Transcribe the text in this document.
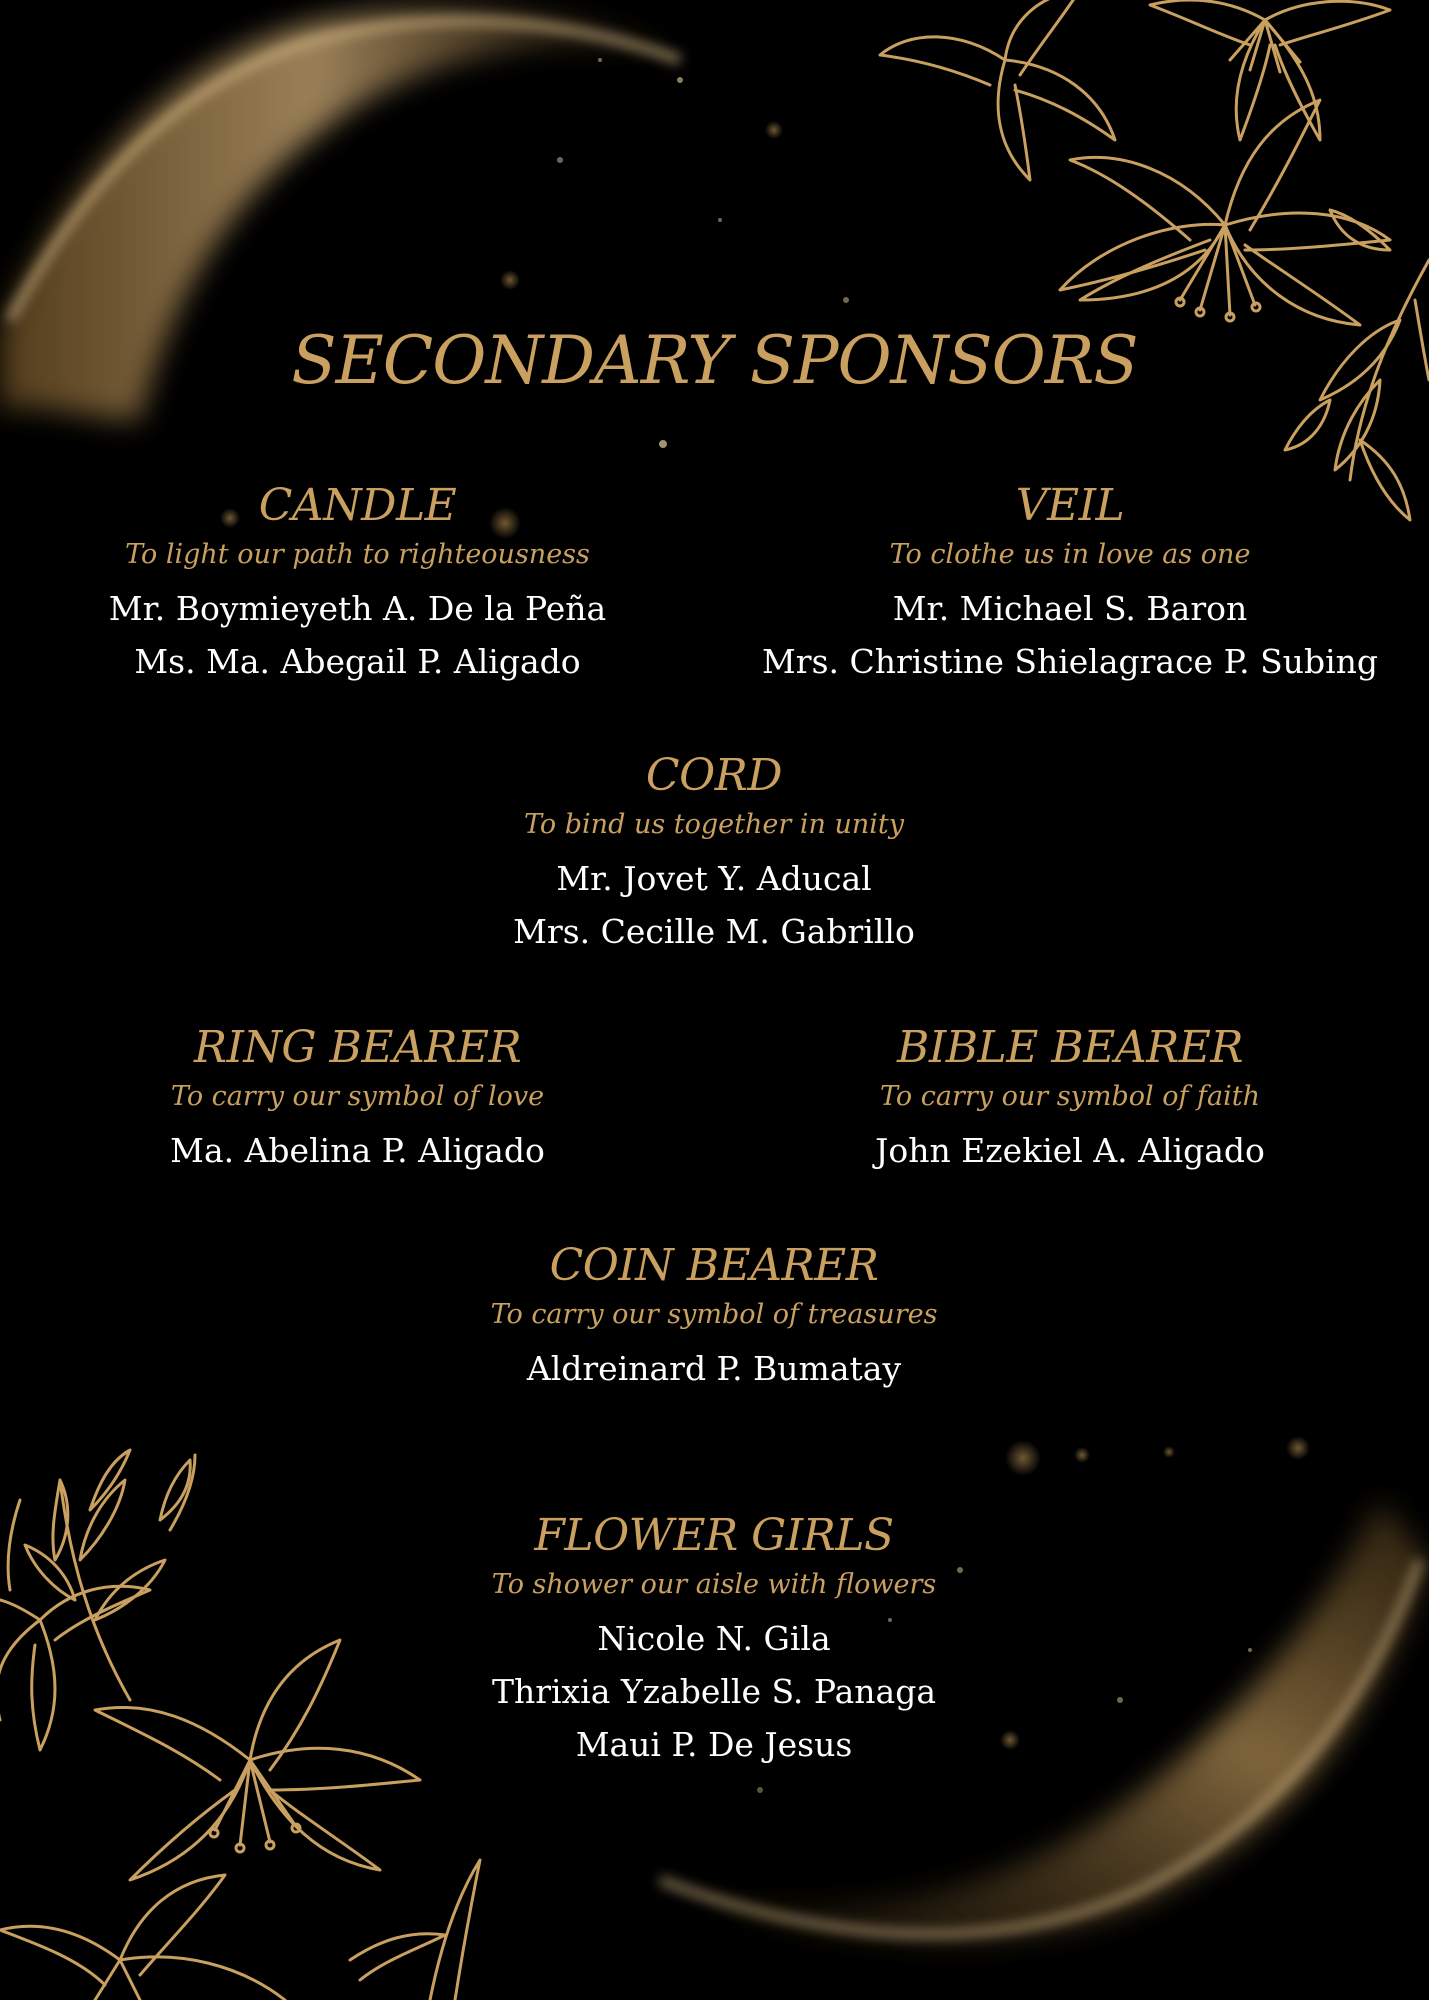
SECONDARY SPONSORS
CANDLE
To light our path to righteousness
Mr. Boymieyeth A. De la Peña
Ms. Ma. Abegail P. Aligado
VEIL
To clothe us in love as one
Mr. Michael S. Baron
Mrs. Christine Shielagrace P. Subing
CORD
To bind us together in unity
Mr. Jovet Y. Aducal
Mrs. Cecille M. Gabrillo
RING BEARER
To carry our symbol of love
Ma. Abelina P. Aligado
BIBLE BEARER
To carry our symbol of faith
John Ezekiel A. Aligado
COIN BEARER
To carry our symbol of treasures
Aldreinard P. Bumatay
FLOWER GIRLS
To shower our aisle with flowers
Nicole N. Gila
Thrixia Yzabelle S. Panaga
Maui P. De Jesus
